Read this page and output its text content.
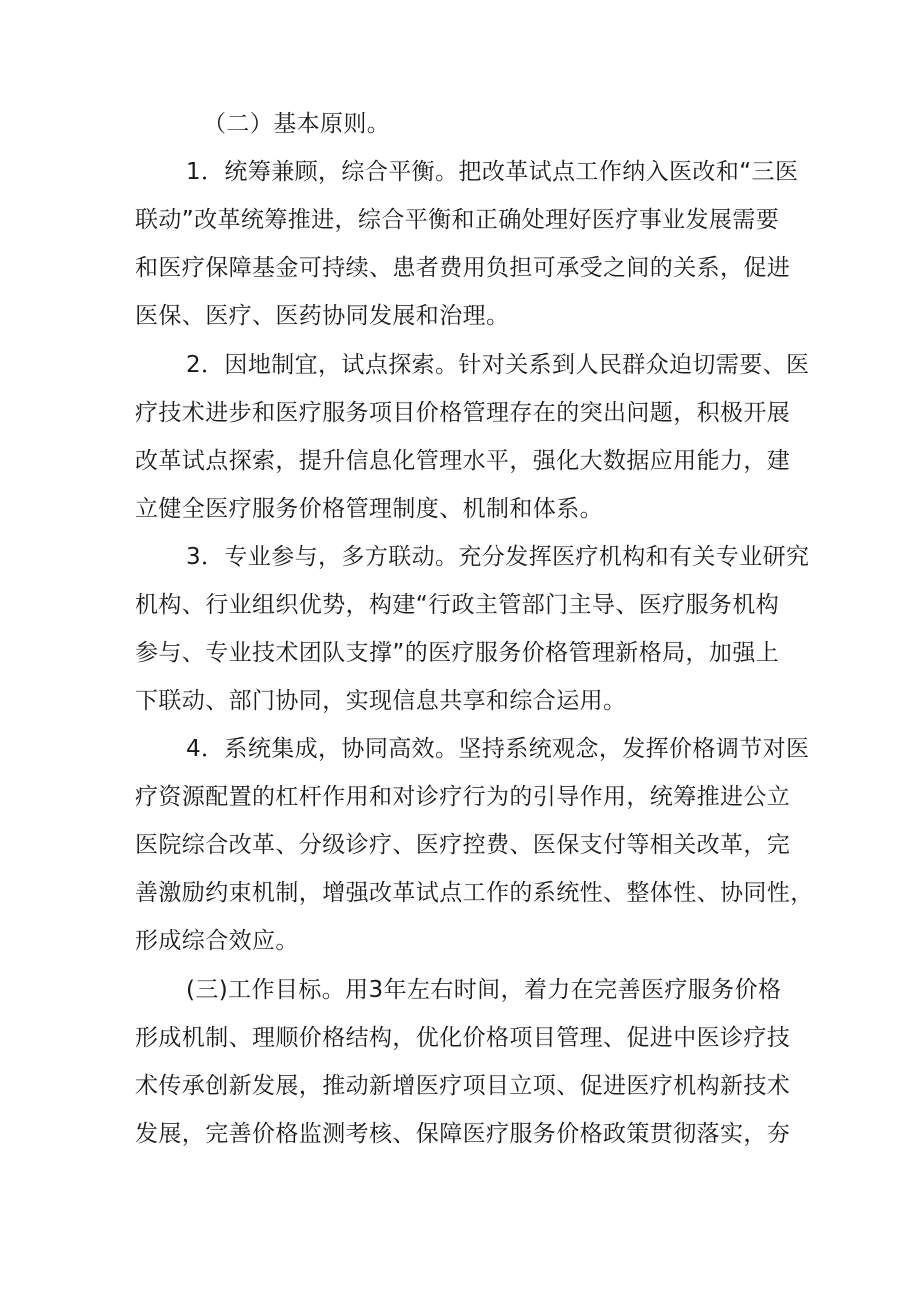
（二）基本原则。
1．统筹兼顾，综合平衡。把改革试点工作纳入医改和“三医
联动”改革统筹推进，综合平衡和正确处理好医疗事业发展需要
和医疗保障基金可持续、患者费用负担可承受之间的关系，促进
医保、医疗、医药协同发展和治理。
2．因地制宜，试点探索。针对关系到人民群众迫切需要、医
疗技术进步和医疗服务项目价格管理存在的突出问题，积极开展
改革试点探索，提升信息化管理水平，强化大数据应用能力，建
立健全医疗服务价格管理制度、机制和体系。
3．专业参与，多方联动。充分发挥医疗机构和有关专业研究
机构、行业组织优势，构建“行政主管部门主导、医疗服务机构
参与、专业技术团队支撑”的医疗服务价格管理新格局，加强上
下联动、部门协同，实现信息共享和综合运用。
4．系统集成，协同高效。坚持系统观念，发挥价格调节对医
疗资源配置的杠杆作用和对诊疗行为的引导作用，统筹推进公立
医院综合改革、分级诊疗、医疗控费、医保支付等相关改革，完
善激励约束机制，增强改革试点工作的系统性、整体性、协同性，
形成综合效应。
(三)工作目标。用3年左右时间，着力在完善医疗服务价格
形成机制、理顺价格结构，优化价格项目管理、促进中医诊疗技
术传承创新发展，推动新增医疗项目立项、促进医疗机构新技术
发展，完善价格监测考核、保障医疗服务价格政策贯彻落实，夯
